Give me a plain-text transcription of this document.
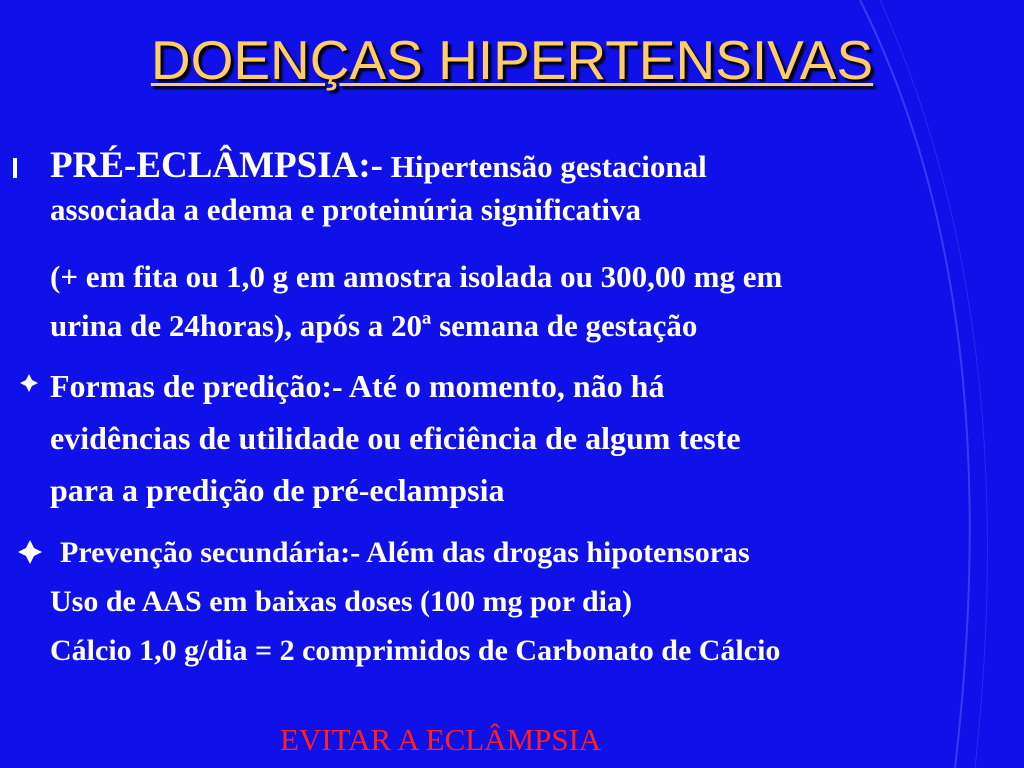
DOENÇAS HIPERTENSIVAS
PRÉ-ECLÂMPSIA:- Hipertensão gestacional
associada a edema e proteinúria significativa
(+ em fita ou 1,0 g em amostra isolada ou 300,00 mg em
urina de 24horas), após a 20ª semana de gestação
Formas de predição:- Até o momento, não há
evidências de utilidade ou eficiência de algum teste
para a predição de pré-eclampsia
Prevenção secundária:- Além das drogas hipotensoras
Uso de AAS em baixas doses (100 mg por dia)
Cálcio 1,0 g/dia = 2 comprimidos de Carbonato de Cálcio
EVITAR A ECLÂMPSIA
